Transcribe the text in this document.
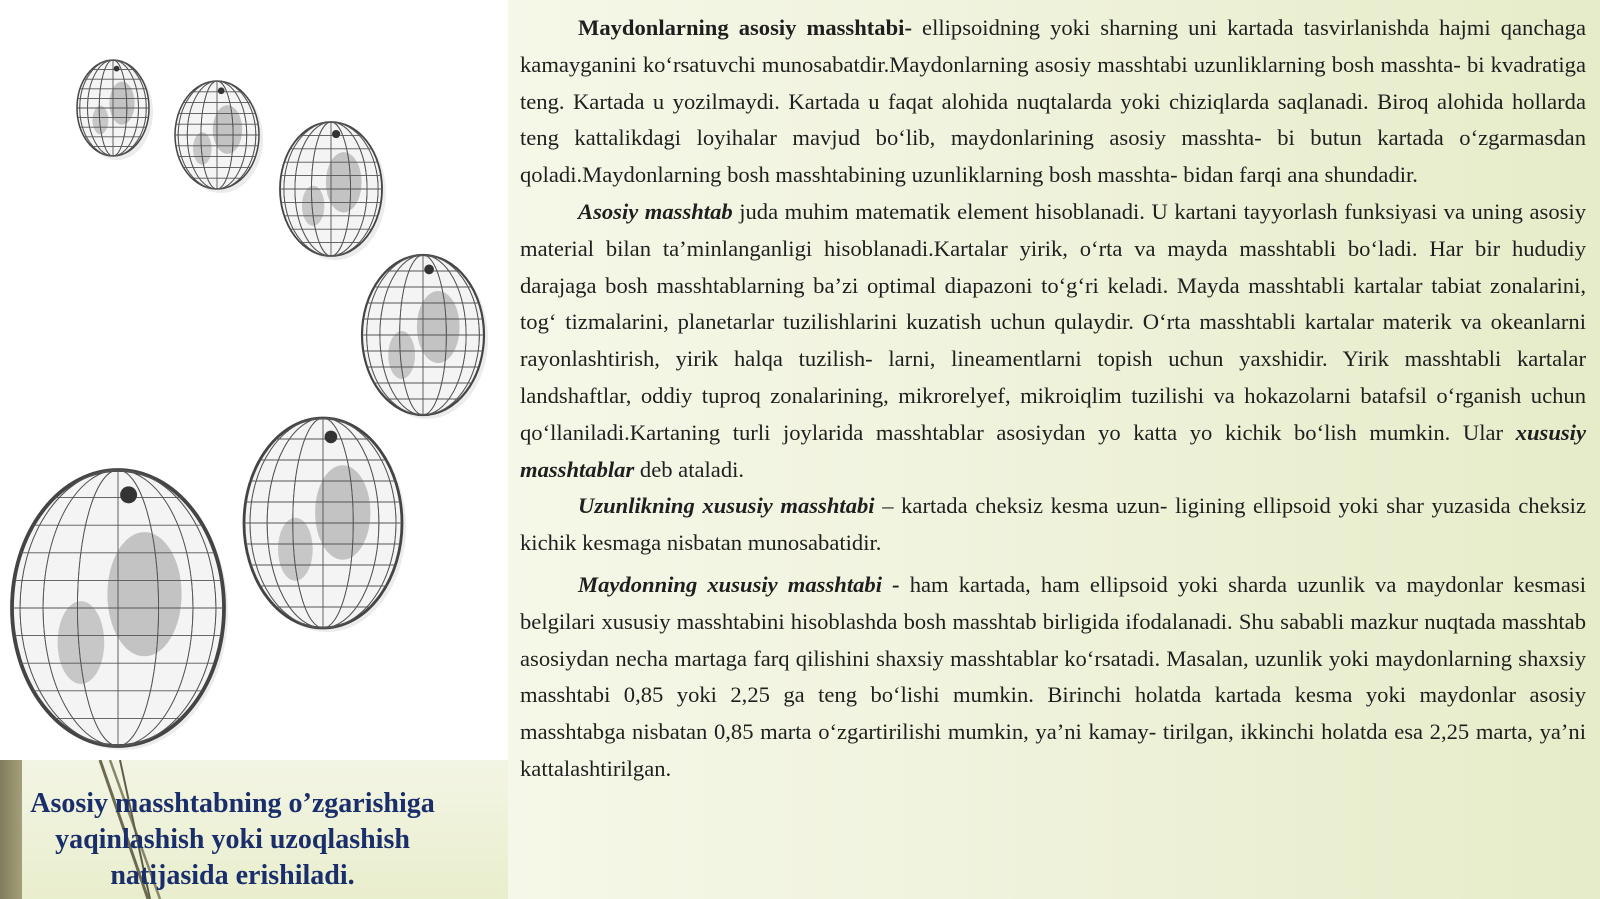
Asosiy masshtabning o’zgarishiga
yaqinlashish yoki uzoqlashish
natijasida erishiladi.

Maydonlarning asosiy masshtabi- ellipsoidning yoki sharning uni kartada tasvirlanishda hajmi qanchaga kamayganini ko‘rsatuvchi munosabatdir.Maydonlarning asosiy masshtabi uzunliklarning bosh masshta- bi kvadratiga teng. Kartada u yozilmaydi. Kartada u faqat alohida nuqtalarda yoki chiziqlarda saqlanadi. Biroq alohida hollarda teng kattalikdagi loyihalar mavjud bo‘lib, maydonlarining asosiy masshta- bi butun kartada o‘zgarmasdan qoladi.Maydonlarning bosh masshtabining uzunliklarning bosh masshta- bidan farqi ana shundadir.

Asosiy masshtab juda muhim matematik element hisoblanadi. U kartani tayyorlash funksiyasi va uning asosiy material bilan ta’minlanganligi hisoblanadi.Kartalar yirik, o‘rta va mayda masshtabli bo‘ladi. Har bir hududiy darajaga bosh masshtablarning ba’zi optimal diapazoni to‘g‘ri keladi. Mayda masshtabli kartalar tabiat zonalarini, tog‘ tizmalarini, planetarlar tuzilishlarini kuzatish uchun qulaydir. O‘rta masshtabli kartalar materik va okeanlarni rayonlashtirish, yirik halqa tuzilish- larni, lineamentlarni topish uchun yaxshidir. Yirik masshtabli kartalar landshaftlar, oddiy tuproq zonalarining, mikrorelyef, mikroiqlim tuzilishi va hokazolarni batafsil o‘rganish uchun qo‘llaniladi.Kartaning turli joylarida masshtablar asosiydan yo katta yo kichik bo‘lish mumkin. Ular xususiy masshtablar deb ataladi.

Uzunlikning xususiy masshtabi – kartada cheksiz kesma uzun- ligining ellipsoid yoki shar yuzasida cheksiz kichik kesmaga nisbatan munosabatidir.

Maydonning xususiy masshtabi - ham kartada, ham ellipsoid yoki sharda uzunlik va maydonlar kesmasi belgilari xususiy masshtabini hisoblashda bosh masshtab birligida ifodalanadi. Shu sababli mazkur nuqtada masshtab asosiydan necha martaga farq qilishini shaxsiy masshtablar ko‘rsatadi. Masalan, uzunlik yoki maydonlarning shaxsiy masshtabi 0,85 yoki 2,25 ga teng bo‘lishi mumkin. Birinchi holatda kartada kesma yoki maydonlar asosiy masshtabga nisbatan 0,85 marta o‘zgartirilishi mumkin, ya’ni kamay- tirilgan, ikkinchi holatda esa 2,25 marta, ya’ni kattalashtirilgan.
